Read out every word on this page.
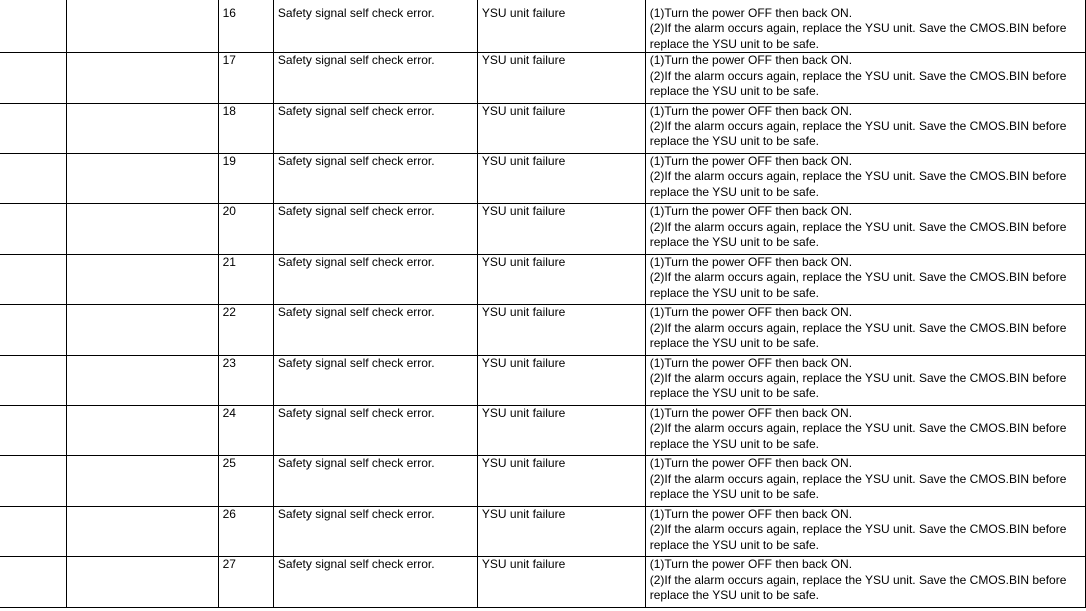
		16	Safety signal self check error.	YSU unit failure	(1)Turn the power OFF then back ON.
(2)If the alarm occurs again, replace the YSU unit. Save the CMOS.BIN before
replace the YSU unit to be safe.

		17	Safety signal self check error.	YSU unit failure	(1)Turn the power OFF then back ON.
(2)If the alarm occurs again, replace the YSU unit. Save the CMOS.BIN before
replace the YSU unit to be safe.

		18	Safety signal self check error.	YSU unit failure	(1)Turn the power OFF then back ON.
(2)If the alarm occurs again, replace the YSU unit. Save the CMOS.BIN before
replace the YSU unit to be safe.

		19	Safety signal self check error.	YSU unit failure	(1)Turn the power OFF then back ON.
(2)If the alarm occurs again, replace the YSU unit. Save the CMOS.BIN before
replace the YSU unit to be safe.

		20	Safety signal self check error.	YSU unit failure	(1)Turn the power OFF then back ON.
(2)If the alarm occurs again, replace the YSU unit. Save the CMOS.BIN before
replace the YSU unit to be safe.

		21	Safety signal self check error.	YSU unit failure	(1)Turn the power OFF then back ON.
(2)If the alarm occurs again, replace the YSU unit. Save the CMOS.BIN before
replace the YSU unit to be safe.

		22	Safety signal self check error.	YSU unit failure	(1)Turn the power OFF then back ON.
(2)If the alarm occurs again, replace the YSU unit. Save the CMOS.BIN before
replace the YSU unit to be safe.

		23	Safety signal self check error.	YSU unit failure	(1)Turn the power OFF then back ON.
(2)If the alarm occurs again, replace the YSU unit. Save the CMOS.BIN before
replace the YSU unit to be safe.

		24	Safety signal self check error.	YSU unit failure	(1)Turn the power OFF then back ON.
(2)If the alarm occurs again, replace the YSU unit. Save the CMOS.BIN before
replace the YSU unit to be safe.

		25	Safety signal self check error.	YSU unit failure	(1)Turn the power OFF then back ON.
(2)If the alarm occurs again, replace the YSU unit. Save the CMOS.BIN before
replace the YSU unit to be safe.

		26	Safety signal self check error.	YSU unit failure	(1)Turn the power OFF then back ON.
(2)If the alarm occurs again, replace the YSU unit. Save the CMOS.BIN before
replace the YSU unit to be safe.

		27	Safety signal self check error.	YSU unit failure	(1)Turn the power OFF then back ON.
(2)If the alarm occurs again, replace the YSU unit. Save the CMOS.BIN before
replace the YSU unit to be safe.
